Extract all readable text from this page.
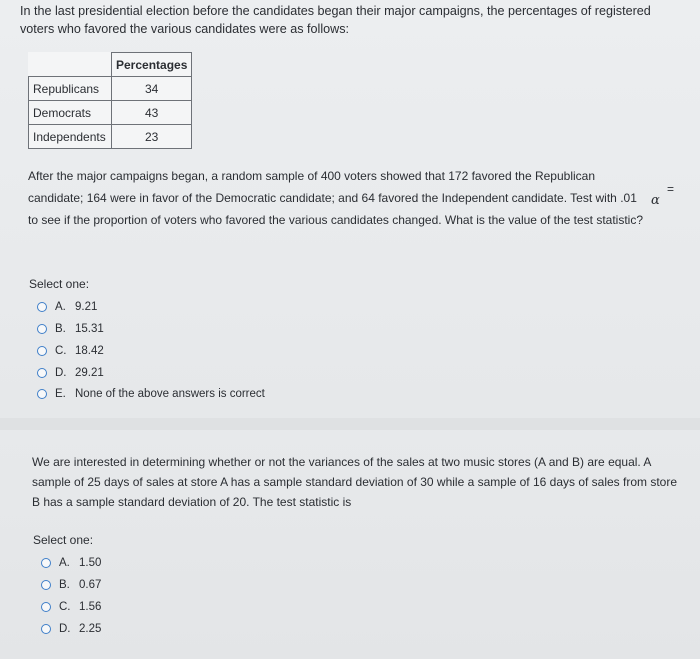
In the last presidential election before the candidates began their major campaigns, the percentages of registered voters who favored the various candidates were as follows:
	Percentages
Republicans	34
Democrats	43
Independents	23
After the major campaigns began, a random sample of 400 voters showed that 172 favored the Republican candidate; 164 were in favor of the Democratic candidate; and 64 favored the Independent candidate. Test with .01 to see if the proportion of voters who favored the various candidates changed. What is the value of the test statistic?
=
α
Select one:
A. 9.21
B. 15.31
C. 18.42
D. 29.21
E. None of the above answers is correct
We are interested in determining whether or not the variances of the sales at two music stores (A and B) are equal. A sample of 25 days of sales at store A has a sample standard deviation of 30 while a sample of 16 days of sales from store B has a sample standard deviation of 20. The test statistic is
Select one:
A. 1.50
B. 0.67
C. 1.56
D. 2.25
